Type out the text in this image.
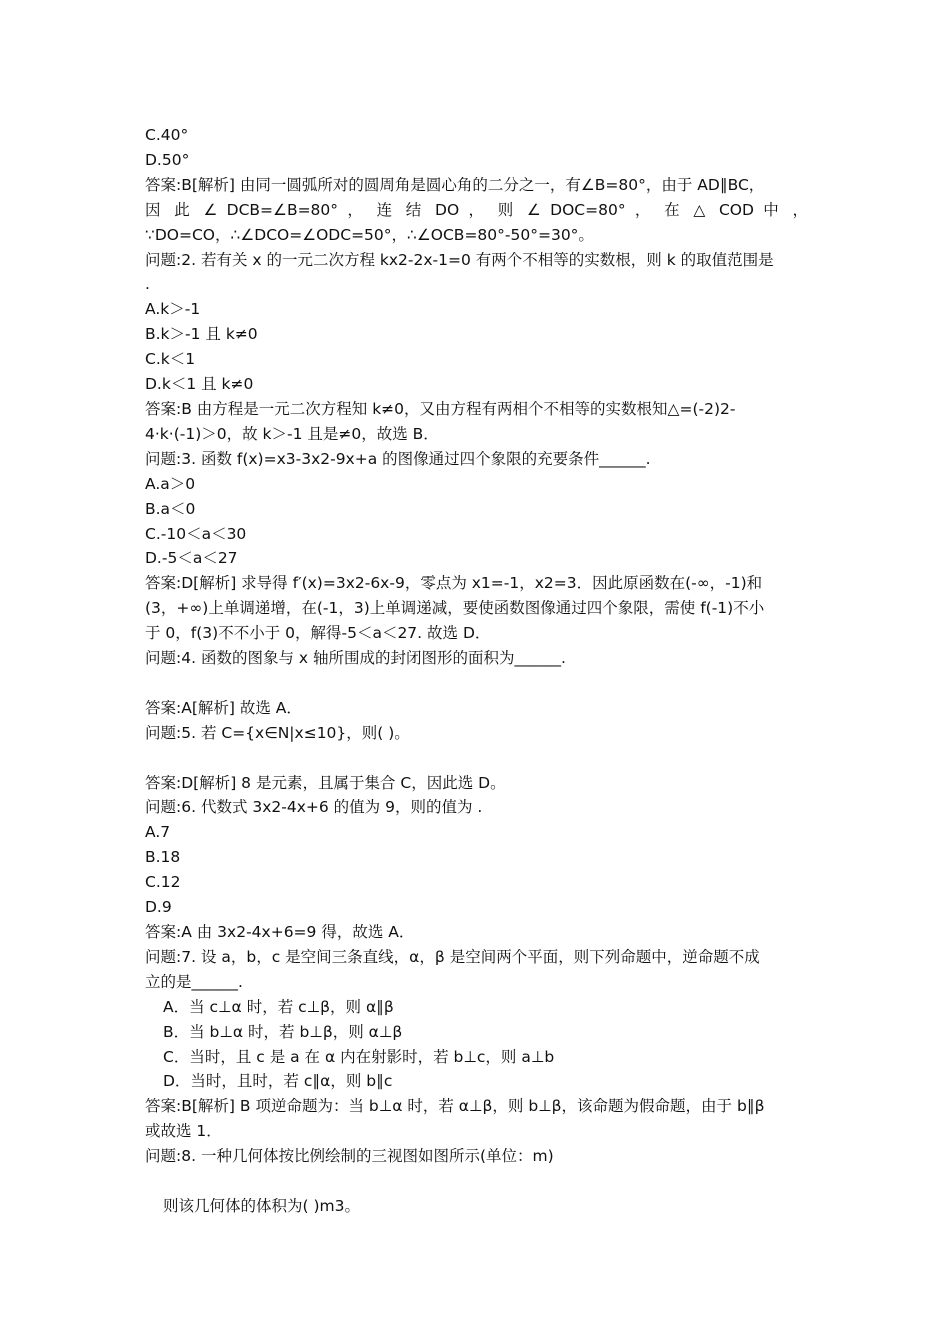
C.40°
D.50°
答案:B[解析] 由同一圆弧所对的圆周角是圆心角的二分之一，有∠B=80°，由于 AD∥BC，
因 此 ∠ DCB=∠B=80° ， 连 结 DO ， 则 ∠ DOC=80° ， 在 △ COD 中 ，
∵DO=CO，∴∠DCO=∠ODC=50°，∴∠OCB=80°-50°=30°。
问题:2. 若有关 x 的一元二次方程 kx2-2x-1=0 有两个不相等的实数根，则 k 的取值范围是
.
A.k＞-1
B.k＞-1 且 k≠0
C.k＜1
D.k＜1 且 k≠0
答案:B 由方程是一元二次方程知 k≠0，又由方程有两相个不相等的实数根知△=(-2)2-
4·k·(-1)＞0，故 k＞-1 且是≠0，故选 B．
问题:3. 函数 f(x)=x3-3x2-9x+a 的图像通过四个象限的充要条件______.
A.a＞0
B.a＜0
C.-10＜a＜30
D.-5＜a＜27
答案:D[解析] 求导得 f′(x)=3x2-6x-9，零点为 x1=-1，x2=3．因此原函数在(-∞，-1)和
(3，+∞)上单调递增，在(-1，3)上单调递减，要使函数图像通过四个象限，需使 f(-1)不小
于 0，f(3)不不小于 0，解得-5＜a＜27. 故选 D．
问题:4. 函数的图象与 x 轴所围成的封闭图形的面积为______.
答案:A[解析] 故选 A．
问题:5. 若 C={x∈N|x≤10}，则( )。
答案:D[解析] 8 是元素，且属于集合 C，因此选 D。
问题:6. 代数式 3x2-4x+6 的值为 9，则的值为 .
A.7
B.18
C.12
D.9
答案:A 由 3x2-4x+6=9 得，故选 A．
问题:7. 设 a，b，c 是空间三条直线，α，β 是空间两个平面，则下列命题中，逆命题不成
立的是______.
A．当 c⊥α 时，若 c⊥β，则 α∥β
B．当 b⊥α 时，若 b⊥β，则 α⊥β
C．当时，且 c 是 a 在 α 内在射影时，若 b⊥c，则 a⊥b
D．当时，且时，若 c∥α，则 b∥c
答案:B[解析] B 项逆命题为：当 b⊥α 时，若 α⊥β，则 b⊥β，该命题为假命题，由于 b∥β
或故选 1．
问题:8. 一种几何体按比例绘制的三视图如图所示(单位：m)
则该几何体的体积为( )m3。
